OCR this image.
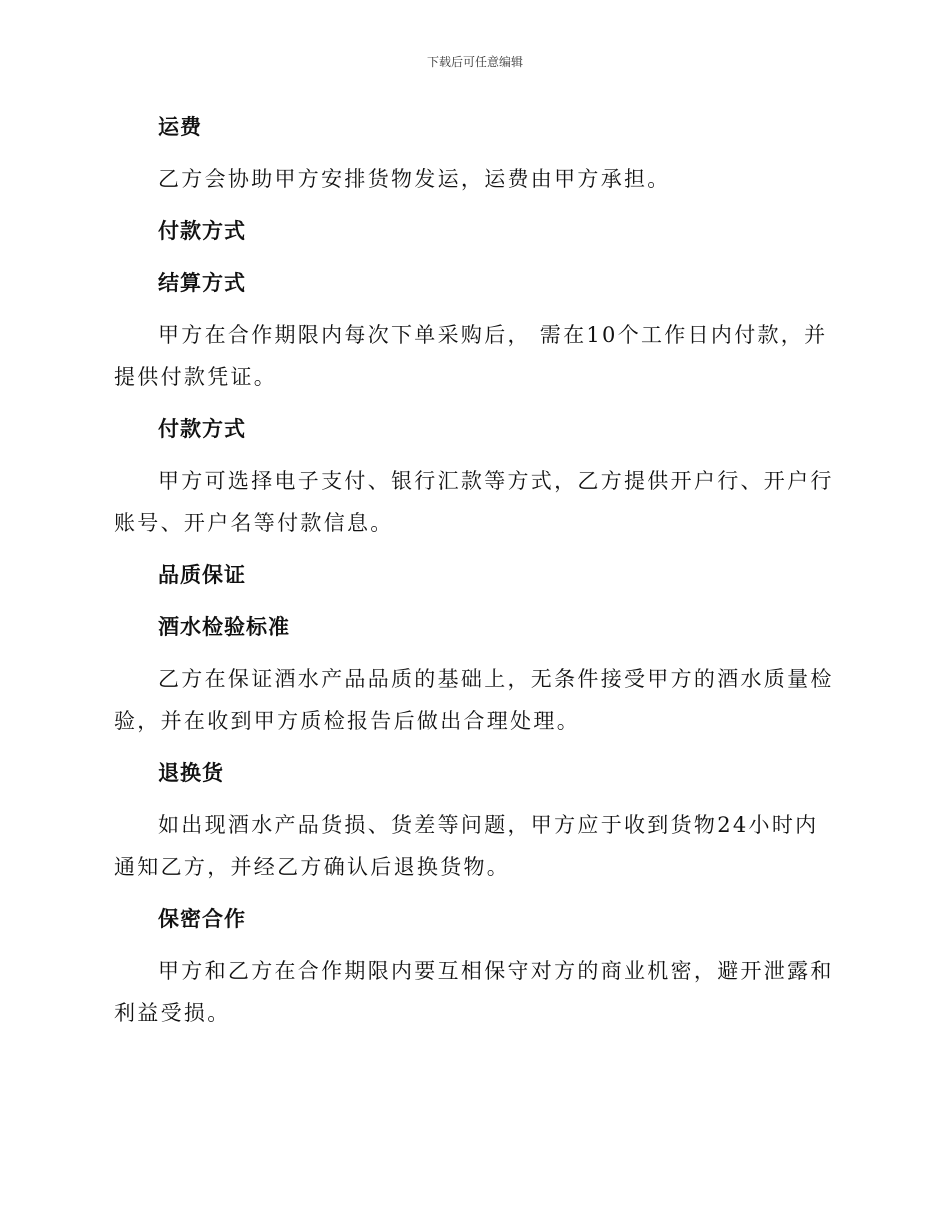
下载后可任意编辑
运费

乙方会协助甲方安排货物发运，运费由甲方承担。

付款方式
结算方式

甲方在合作期限内每次下单采购后， 需在10个工作日内付款，并提供付款凭证。

付款方式

甲方可选择电子支付、银行汇款等方式，乙方提供开户行、开户行账号、开户名等付款信息。

品质保证
酒水检验标准

乙方在保证酒水产品品质的基础上，无条件接受甲方的酒水质量检验，并在收到甲方质检报告后做出合理处理。

退换货

如出现酒水产品货损、货差等问题，甲方应于收到货物24小时内通知乙方，并经乙方确认后退换货物。

保密合作

甲方和乙方在合作期限内要互相保守对方的商业机密，避开泄露和利益受损。
